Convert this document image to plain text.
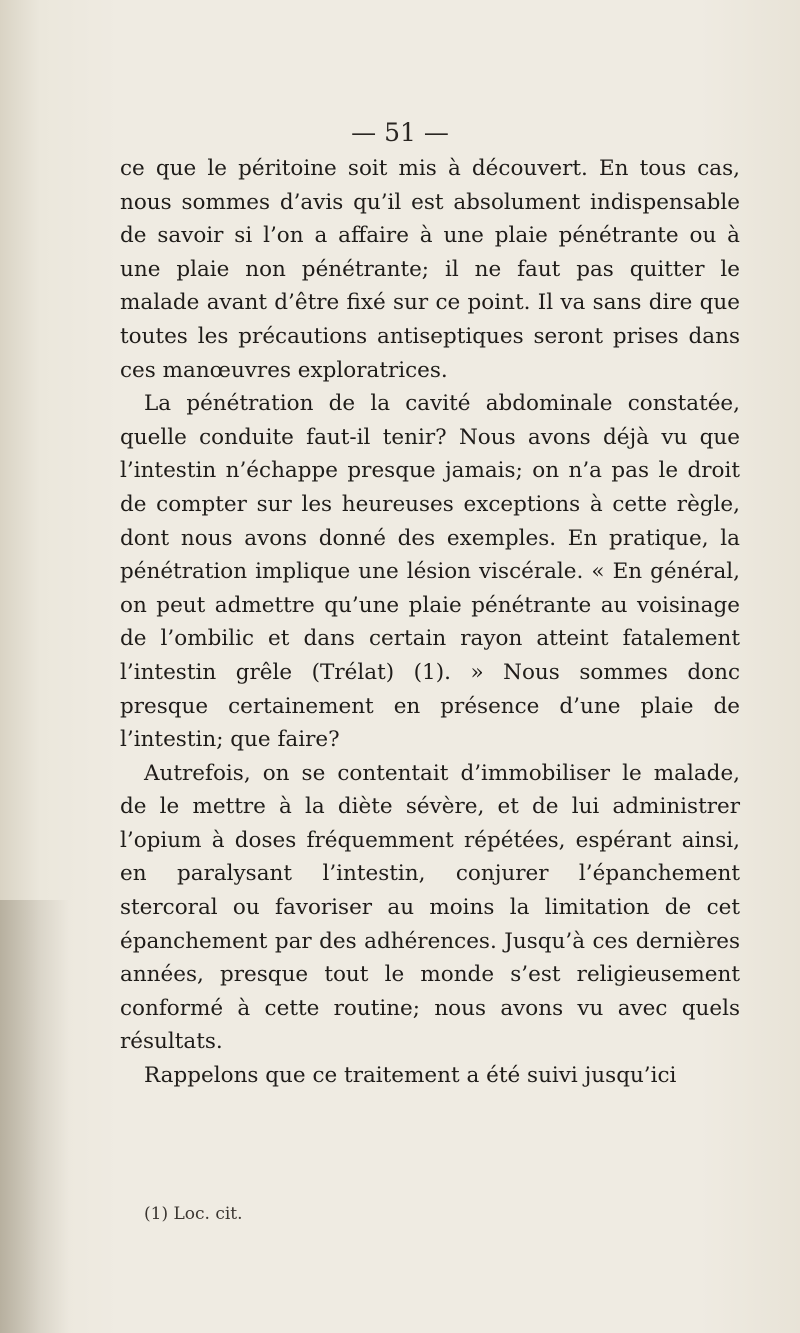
— 51 —

ce que le péritoine soit mis à découvert. En tous cas, nous sommes d’avis qu’il est absolument indispensable de savoir si l’on a affaire à une plaie pénétrante ou à une plaie non pénétrante; il ne faut pas quitter le malade avant d’être fixé sur ce point. Il va sans dire que toutes les précautions antiseptiques seront prises dans ces manœuvres exploratrices.

La pénétration de la cavité abdominale constatée, quelle conduite faut-il tenir? Nous avons déjà vu que l’intestin n’échappe presque jamais; on n’a pas le droit de compter sur les heureuses exceptions à cette règle, dont nous avons donné des exemples. En pratique, la pénétration implique une lésion viscérale. « En général, on peut admettre qu’une plaie pénétrante au voisinage de l’ombilic et dans certain rayon atteint fatalement l’intestin grêle (Trélat) (1). » Nous sommes donc presque certainement en présence d’une plaie de l’intestin; que faire?

Autrefois, on se contentait d’immobiliser le malade, de le mettre à la diète sévère, et de lui administrer l’opium à doses fréquemment répétées, espérant ainsi, en paralysant l’intestin, conjurer l’épanchement stercoral ou favoriser au moins la limitation de cet épanchement par des adhérences. Jusqu’à ces dernières années, presque tout le monde s’est religieusement conformé à cette routine; nous avons vu avec quels résultats.

Rappelons que ce traitement a été suivi jusqu’ici

(1) Loc. cit.
